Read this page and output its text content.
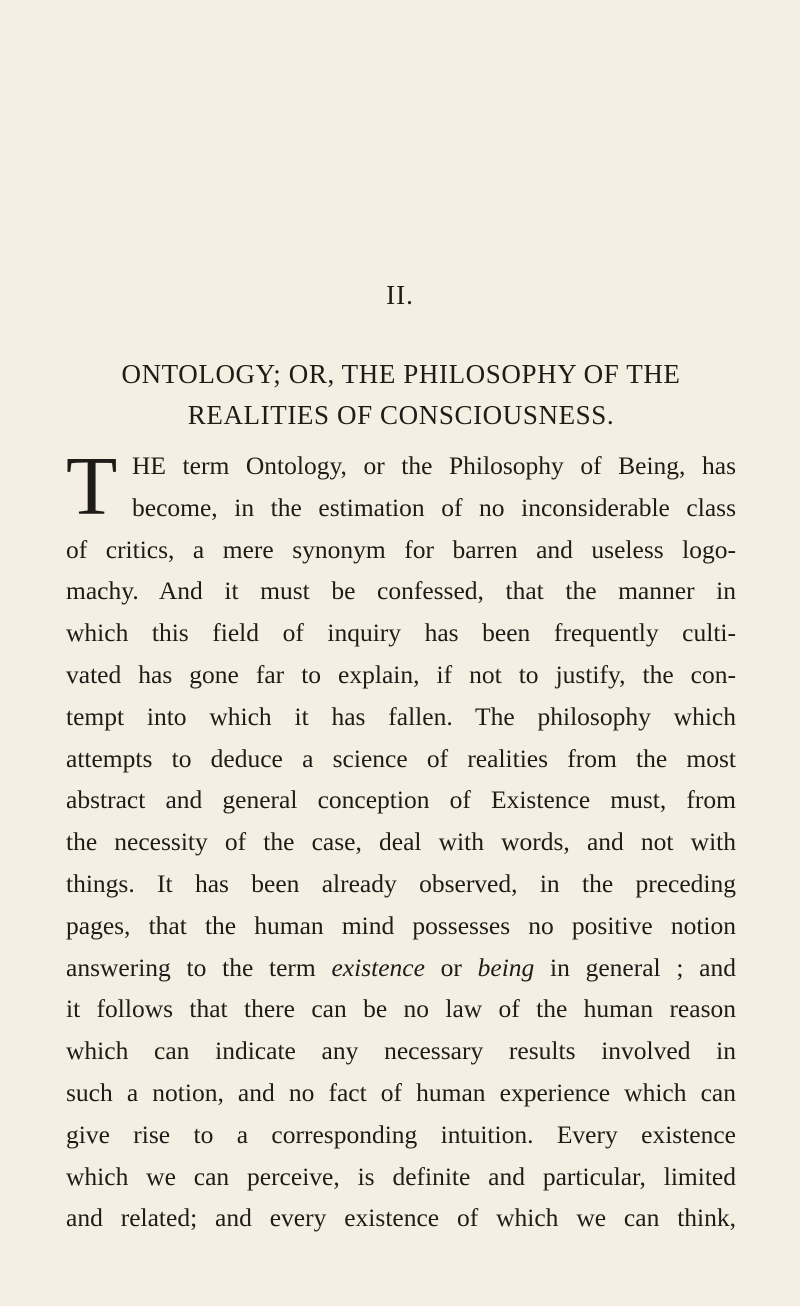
II.
ONTOLOGY; OR, THE PHILOSOPHY OF THE
REALITIES OF CONSCIOUSNESS.
T HE term Ontology, or the Philosophy of Being, has
become, in the estimation of no inconsiderable class
of critics, a mere synonym for barren and useless logo-
machy. And it must be confessed, that the manner in
which this field of inquiry has been frequently culti-
vated has gone far to explain, if not to justify, the con-
tempt into which it has fallen. The philosophy which
attempts to deduce a science of realities from the most
abstract and general conception of Existence must, from
the necessity of the case, deal with words, and not with
things. It has been already observed, in the preceding
pages, that the human mind possesses no positive notion
answering to the term existence or being in general ; and
it follows that there can be no law of the human reason
which can indicate any necessary results involved in
such a notion, and no fact of human experience which can
give rise to a corresponding intuition. Every existence
which we can perceive, is definite and particular, limited
and related; and every existence of which we can think,
